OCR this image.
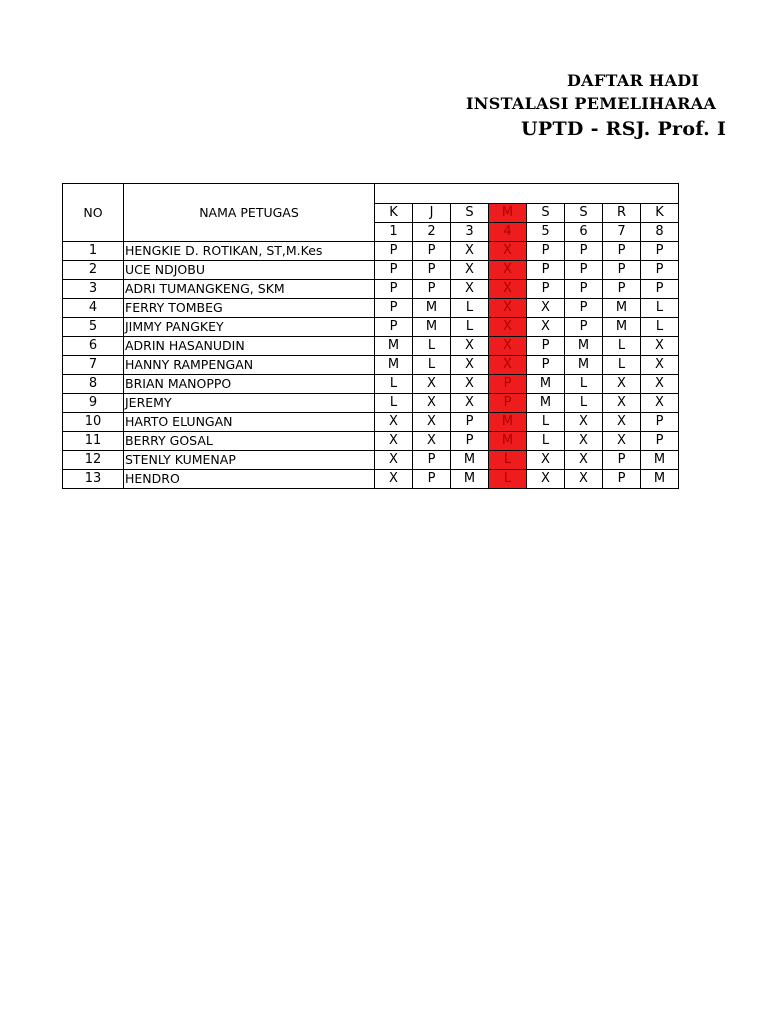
DAFTAR HADI
INSTALASI PEMELIHARAA
UPTD - RSJ. Prof. I
NO	NAMA PETUGAS								
		K	J	S	M	S	S	R	K
		1	2	3	4	5	6	7	8
1	HENGKIE D. ROTIKAN, ST,M.Kes	P	P	X	X	P	P	P	P
2	UCE NDJOBU	P	P	X	X	P	P	P	P
3	ADRI TUMANGKENG, SKM	P	P	X	X	P	P	P	P
4	FERRY TOMBEG	P	M	L	X	X	P	M	L
5	JIMMY PANGKEY	P	M	L	X	X	P	M	L
6	ADRIN HASANUDIN	M	L	X	X	P	M	L	X
7	HANNY RAMPENGAN	M	L	X	X	P	M	L	X
8	BRIAN MANOPPO	L	X	X	P	M	L	X	X
9	JEREMY	L	X	X	P	M	L	X	X
10	HARTO ELUNGAN	X	X	P	M	L	X	X	P
11	BERRY GOSAL	X	X	P	M	L	X	X	P
12	STENLY KUMENAP	X	P	M	L	X	X	P	M
13	HENDRO	X	P	M	L	X	X	P	M
